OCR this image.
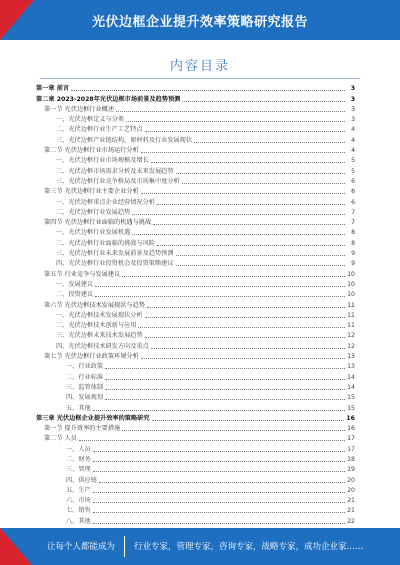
光伏边框企业提升效率策略研究报告
内容目录
第一章 前言	3
第二章 2023-2028年光伏边框市场前景及趋势预测	3
第一节 光伏边框行业概述	3
一、光伏边框定义与分类	3
二、光伏边框行业生产工艺特点	4
三、光伏边框产业链结构，原材料及行业发展现状	4
第二节 光伏边框行业市场运行分析	4
一、光伏边框行业市场规模及增长	5
二、光伏边框市场需求分析及未来发展趋势	5
三、光伏边框行业竞争格局及市场集中度分析	6
第三节 光伏边框行业主要企业分析	6
一、光伏边框重点企业经营情况分析	6
二、光伏边框行业发展趋势	7
第四节 光伏边框行业面临的机遇与挑战	7
一、光伏边框行业发展机遇	8
二、光伏边框行业面临的挑战与风险	8
三、光伏边框行业未来发展前景及趋势预测	9
四、光伏边框行业投资机会及投资策略建议	9
第五节 行业竞争与发展建议	10
一、发展建议	10
二、投资建议	10
第六节 光伏边框技术发展现状与趋势	11
一、光伏边框技术发展现状分析	11
二、光伏边框技术创新与应用	11
三、光伏边框未来技术发展趋势	12
四、光伏边框技术研发方向及重点	12
第七节 光伏边框行业政策环境分析	13
一、行业政策	13
二、行业标准	14
三、监管体制	14
四、发展规划	15
五、其他	15
第三章 光伏边框企业提升效率的策略研究	16
第一节 提升效率的主要措施	16
第二节 人员	17
一、人员	17
二、财务	18
三、管理	19
四、供应链	20
五、生产	20
六、市场	21
七、销售	21
八、其他	22
让每个人都能成为 行业专家，管理专家，咨询专家，战略专家，成功企业家……
